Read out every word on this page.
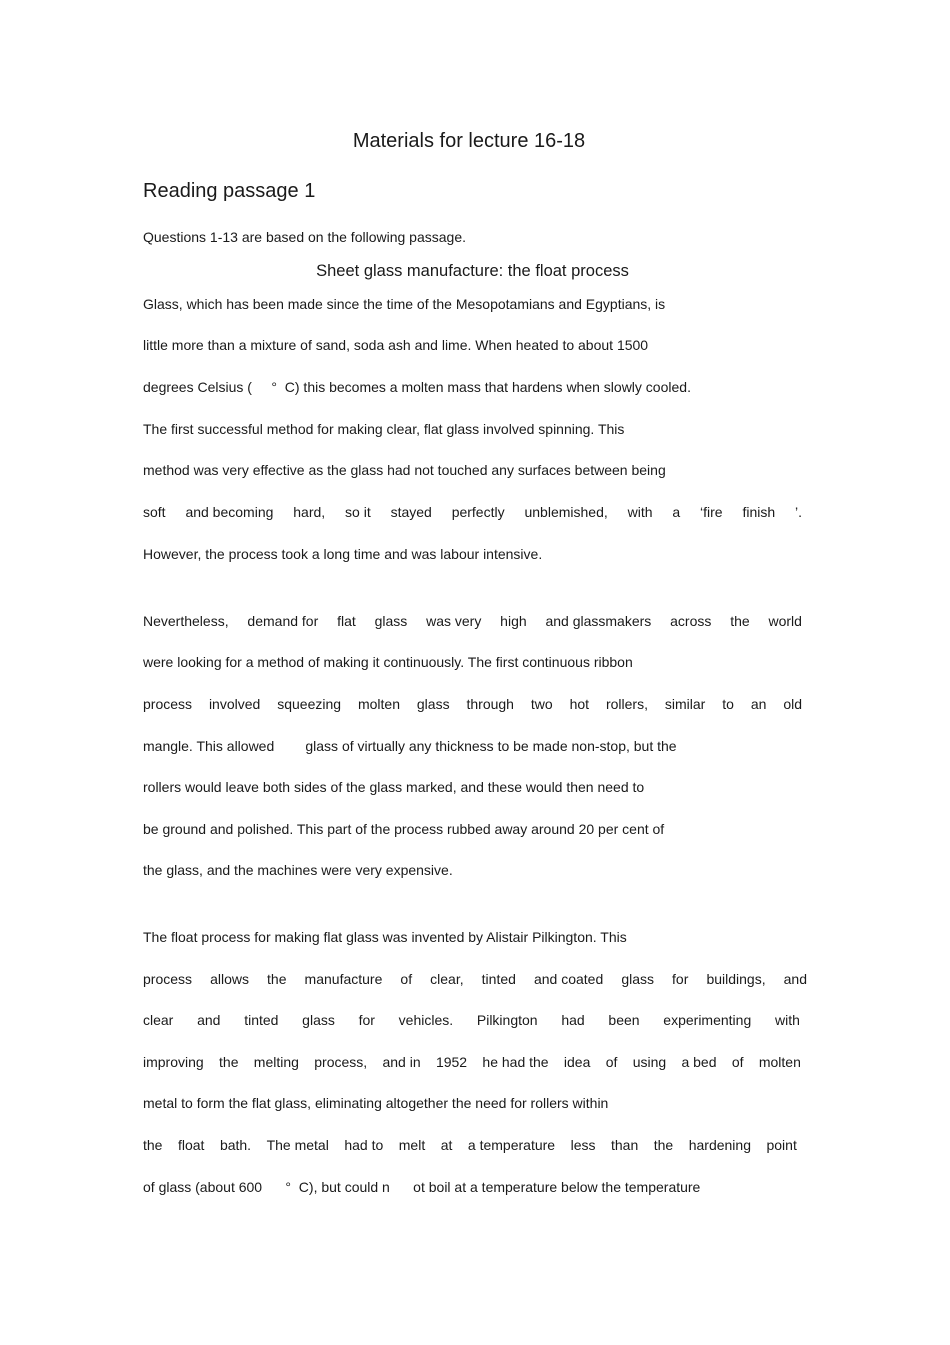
Materials for lecture 16-18
Reading passage 1

Questions 1-13 are based on the following passage.

Sheet glass manufacture: the float process

Glass, which has been made since the time of the Mesopotamians and Egyptians, is

little more than a mixture of sand, soda ash and lime. When heated to about 1500

degrees Celsius (     °  C) this becomes a molten mass that hardens when slowly cooled.

The first successful method for making clear, flat glass involved spinning. This

method was very effective as the glass had not touched any surfaces between being

soft and becoming hard, so it stayed perfectly unblemished, with a ‘fire finish ’.

However, the process took a long time and was labour intensive.

Nevertheless, demand for flat glass was very high and glassmakers across the world

were looking for a method of making it continuously. The first continuous ribbon

process involved squeezing molten glass through two hot rollers, similar to an old

mangle. This allowed        glass of virtually any thickness to be made non-stop, but the

rollers would leave both sides of the glass marked, and these would then need to

be ground and polished. This part of the process rubbed away around 20 per cent of

the glass, and the machines were very expensive.

The float process for making flat glass was invented by Alistair Pilkington. This

process allows the manufacture of clear, tinted and coated glass for buildings, and

clear and tinted glass for vehicles. Pilkington had been experimenting with

improving the melting process, and in 1952 he had the idea of using a bed of molten

metal to form the flat glass, eliminating altogether the need for rollers within

the float bath. The metal had to melt at a temperature less than the hardening point

of glass (about 600      °  C), but could n      ot boil at a temperature below the temperature
